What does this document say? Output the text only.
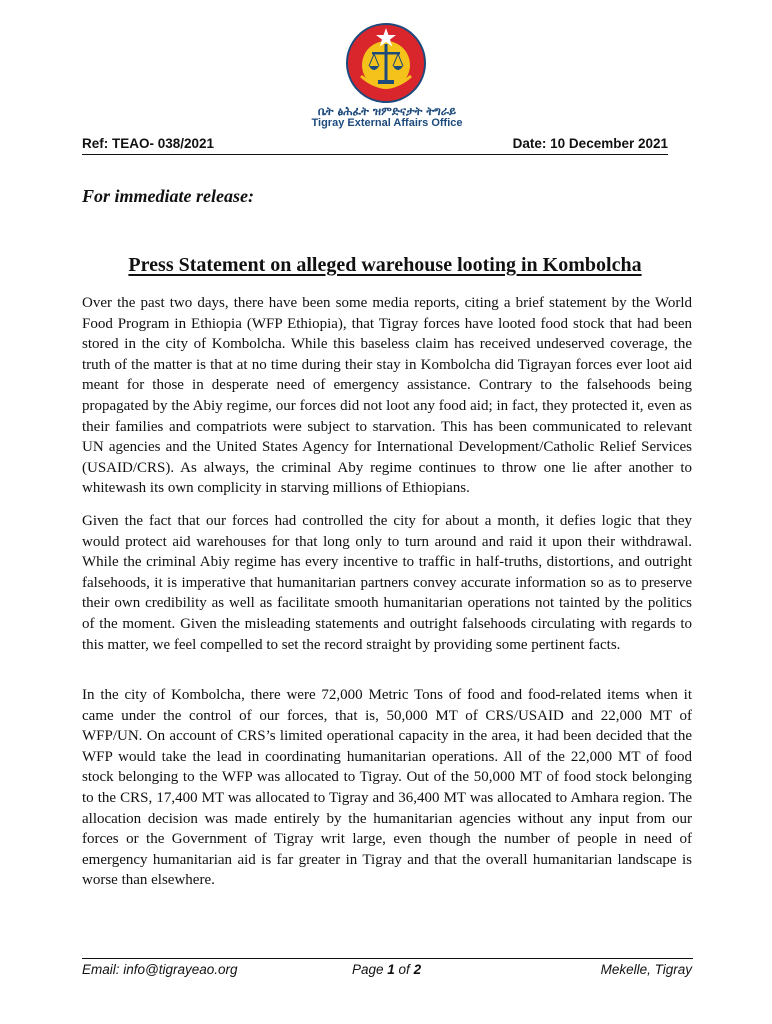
ቤት ፅሕፈት ዝምድናታት ትግራይ
Tigray External Affairs Office
Ref: TEAO- 038/2021	Date: 10 December 2021
For immediate release:
Press Statement on alleged warehouse looting in Kombolcha

Over the past two days, there have been some media reports, citing a brief statement by the World Food Program in Ethiopia (WFP Ethiopia), that Tigray forces have looted food stock that had been stored in the city of Kombolcha. While this baseless claim has received undeserved coverage, the truth of the matter is that at no time during their stay in Kombolcha did Tigrayan forces ever loot aid meant for those in desperate need of emergency assistance. Contrary to the falsehoods being propagated by the Abiy regime, our forces did not loot any food aid; in fact, they protected it, even as their families and compatriots were subject to starvation. This has been communicated to relevant UN agencies and the United States Agency for International Development/Catholic Relief Services (USAID/CRS). As always, the criminal Aby regime continues to throw one lie after another to whitewash its own complicity in starving millions of Ethiopians.

Given the fact that our forces had controlled the city for about a month, it defies logic that they would protect aid warehouses for that long only to turn around and raid it upon their withdrawal. While the criminal Abiy regime has every incentive to traffic in half-truths, distortions, and outright falsehoods, it is imperative that humanitarian partners convey accurate information so as to preserve their own credibility as well as facilitate smooth humanitarian operations not tainted by the politics of the moment. Given the misleading statements and outright falsehoods circulating with regards to this matter, we feel compelled to set the record straight by providing some pertinent facts.

In the city of Kombolcha, there were 72,000 Metric Tons of food and food-related items when it came under the control of our forces, that is, 50,000 MT of CRS/USAID and 22,000 MT of WFP/UN. On account of CRS’s limited operational capacity in the area, it had been decided that the WFP would take the lead in coordinating humanitarian operations. All of the 22,000 MT of food stock belonging to the WFP was allocated to Tigray. Out of the 50,000 MT of food stock belonging to the CRS, 17,400 MT was allocated to Tigray and 36,400 MT was allocated to Amhara region. The allocation decision was made entirely by the humanitarian agencies without any input from our forces or the Government of Tigray writ large, even though the number of people in need of emergency humanitarian aid is far greater in Tigray and that the overall humanitarian landscape is worse than elsewhere.

Email: info@tigrayeao.org	Page 1 of 2	Mekelle, Tigray
